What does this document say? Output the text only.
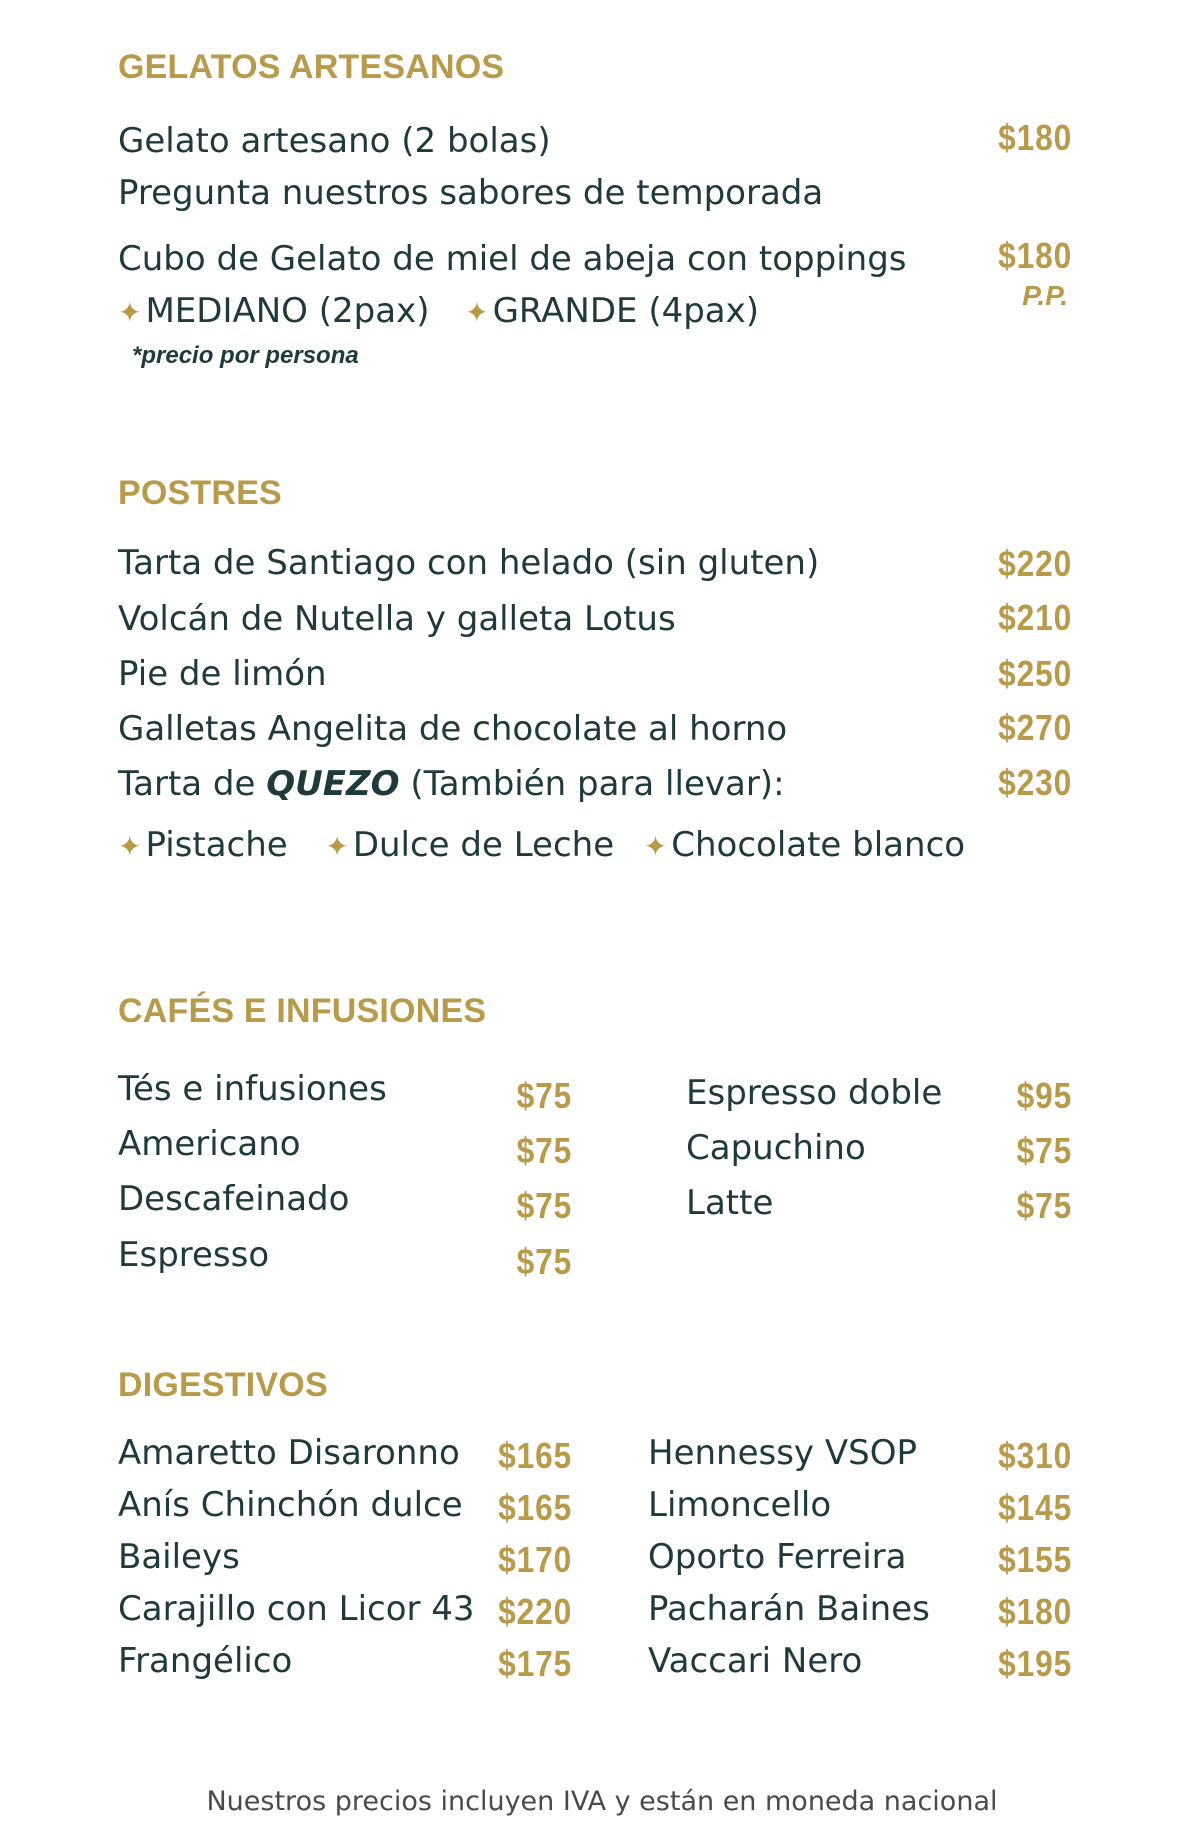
GELATOS ARTESANOS
Gelato artesano (2 bolas)	$180
Pregunta nuestros sabores de temporada
Cubo de Gelato de miel de abeja con toppings	$180
P.P.
✦ MEDIANO (2pax) ✦ GRANDE (4pax)
*precio por persona
POSTRES
Tarta de Santiago con helado (sin gluten)	$220
Volcán de Nutella y galleta Lotus	$210
Pie de limón	$250
Galletas Angelita de chocolate al horno	$270
Tarta de QUEZO (También para llevar):	$230
✦ Pistache ✦ Dulce de Leche ✦ Chocolate blanco
CAFÉS E INFUSIONES
Tés e infusiones	$75
Americano	$75
Descafeinado	$75
Espresso	$75
Espresso doble $95
Capuchino	$75
Latte	$75
DIGESTIVOS
Amaretto Disaronno $165
Anís Chinchón dulce $165
Baileys	$170
Carajillo con Licor 43 $220
Frangélico	$175
Hennessy VSOP $310
Limoncello	$145
Oporto Ferreira	$155
Pacharán Baines $180
Vaccari Nero	$195
Nuestros precios incluyen IVA y están en moneda nacional
